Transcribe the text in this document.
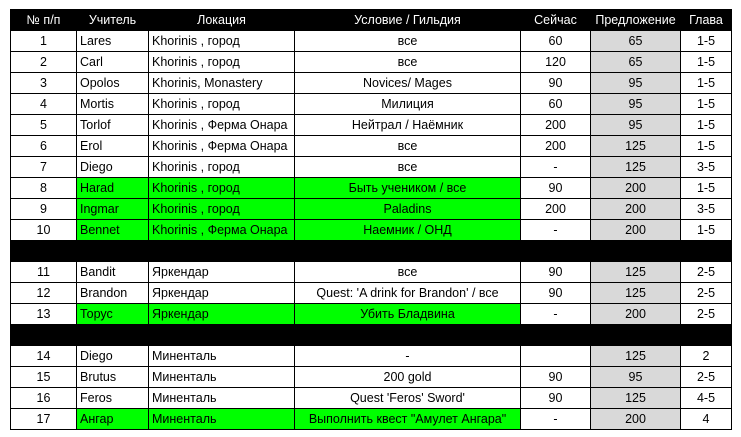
№ п/п	Учитель	Локация	Условие / Гильдия	Сейчас	Предложение	Глава
1	Lares	Khorinis , город	все	60	65	1-5
2	Carl	Khorinis , город	все	120	65	1-5
3	Opolos	Khorinis, Monastery	Novices/ Mages	90	95	1-5
4	Mortis	Khorinis , город	Милиция	60	95	1-5
5	Torlof	Khorinis , Ферма Онара	Нейтрал / Наёмник	200	95	1-5
6	Erol	Khorinis , Ферма Онара	все	200	125	1-5
7	Diego	Khorinis , город	все	-	125	3-5
8	Harad	Khorinis , город	Быть учеником / все	90	200	1-5
9	Ingmar	Khorinis , город	Paladins	200	200	3-5
10	Bennet	Khorinis , Ферма Онара	Наемник / ОНД	-	200	1-5

11	Bandit	Яркендар	все	90	125	2-5
12	Brandon	Яркендар	Quest: 'A drink for Brandon' / все	90	125	2-5
13	Торус	Яркендар	Убить Бладвина	-	200	2-5

14	Diego	Миненталь	-		125	2
15	Brutus	Миненталь	200 gold	90	95	2-5
16	Feros	Миненталь	Quest 'Feros' Sword'	90	125	4-5
17	Ангар	Миненталь	Выполнить квест "Амулет Ангара"	-	200	4
